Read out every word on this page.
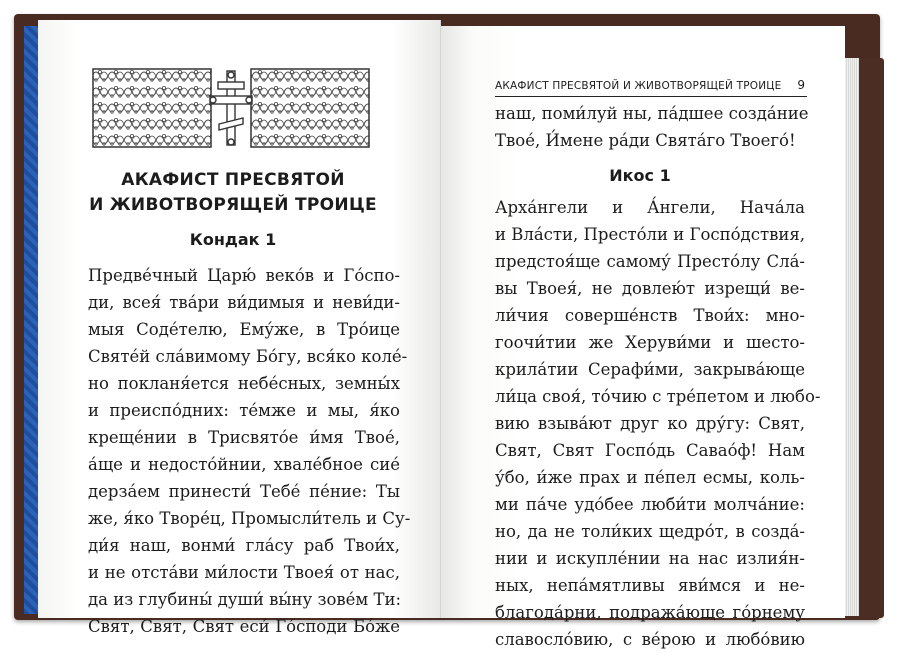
АКАФИСТ ПРЕСВЯТОЙ
И ЖИВОТВОРЯЩЕЙ ТРОИЦЕ
Кондак 1
Предве́чный Царю́ веко́в и Го́спо-
ди, всея́ тва́ри ви́димыя и неви́ди-
мыя Соде́телю, Ему́же, в Тро́ице
Святе́й сла́вимому Бо́гу, вся́ко коле́-
но покланя́ется небе́сных, земны́х
и преиспо́дних: те́мже и мы, я́ко
креще́нии в Трисвято́е и́мя Твое́,
а́ще и недосто́йнии, хвале́бное сие́
дерза́ем принести́ Тебе́ пе́ние: Ты
же, я́ко Творе́ц, Промысли́тель и Су-
ди́я наш, вонми́ гла́су раб Твои́х,
и не отста́ви ми́лости Твоея́ от нас,
да из глубины́ души́ вы́ну зове́м Ти:
Свят, Свят, Свят еси́ Го́споди Бо́же
АКАФИСТ ПРЕСВЯТОЙ И ЖИВОТВОРЯЩЕЙ ТРОИЦЕ 9
наш, поми́луй ны, па́дшее созда́ние
Твое́, И́мене ра́ди Свята́го Твоего́!
Икос 1
Арха́нгели и А́нгели, Нача́ла
и Вла́сти, Престо́ли и Госпо́дствия,
предстоя́ще самому́ Престо́лу Сла́-
вы Твоея́, не довлею́т изрещи́ ве-
ли́чия соверше́нств Твои́х: мно-
гоочи́тии же Херуви́ми и шесто-
крила́тии Серафи́ми, закрыва́юще
ли́ца своя́, то́чию с тре́петом и любо-
вию взыва́ют друг ко дру́гу: Свят,
Свят, Свят Госпо́дь Савао́ф! Нам
у́бо, и́же прах и пе́пел есмы, коль-
ми па́че удо́бее люби́ти молча́ние:
но, да не толи́ких щедро́т, в созда́-
нии и искупле́нии на нас излия́н-
ных, непа́мятливы яви́мся и не-
благода́рни, подража́юще го́рнему
славосло́вию, с ве́рою и любо́вию
